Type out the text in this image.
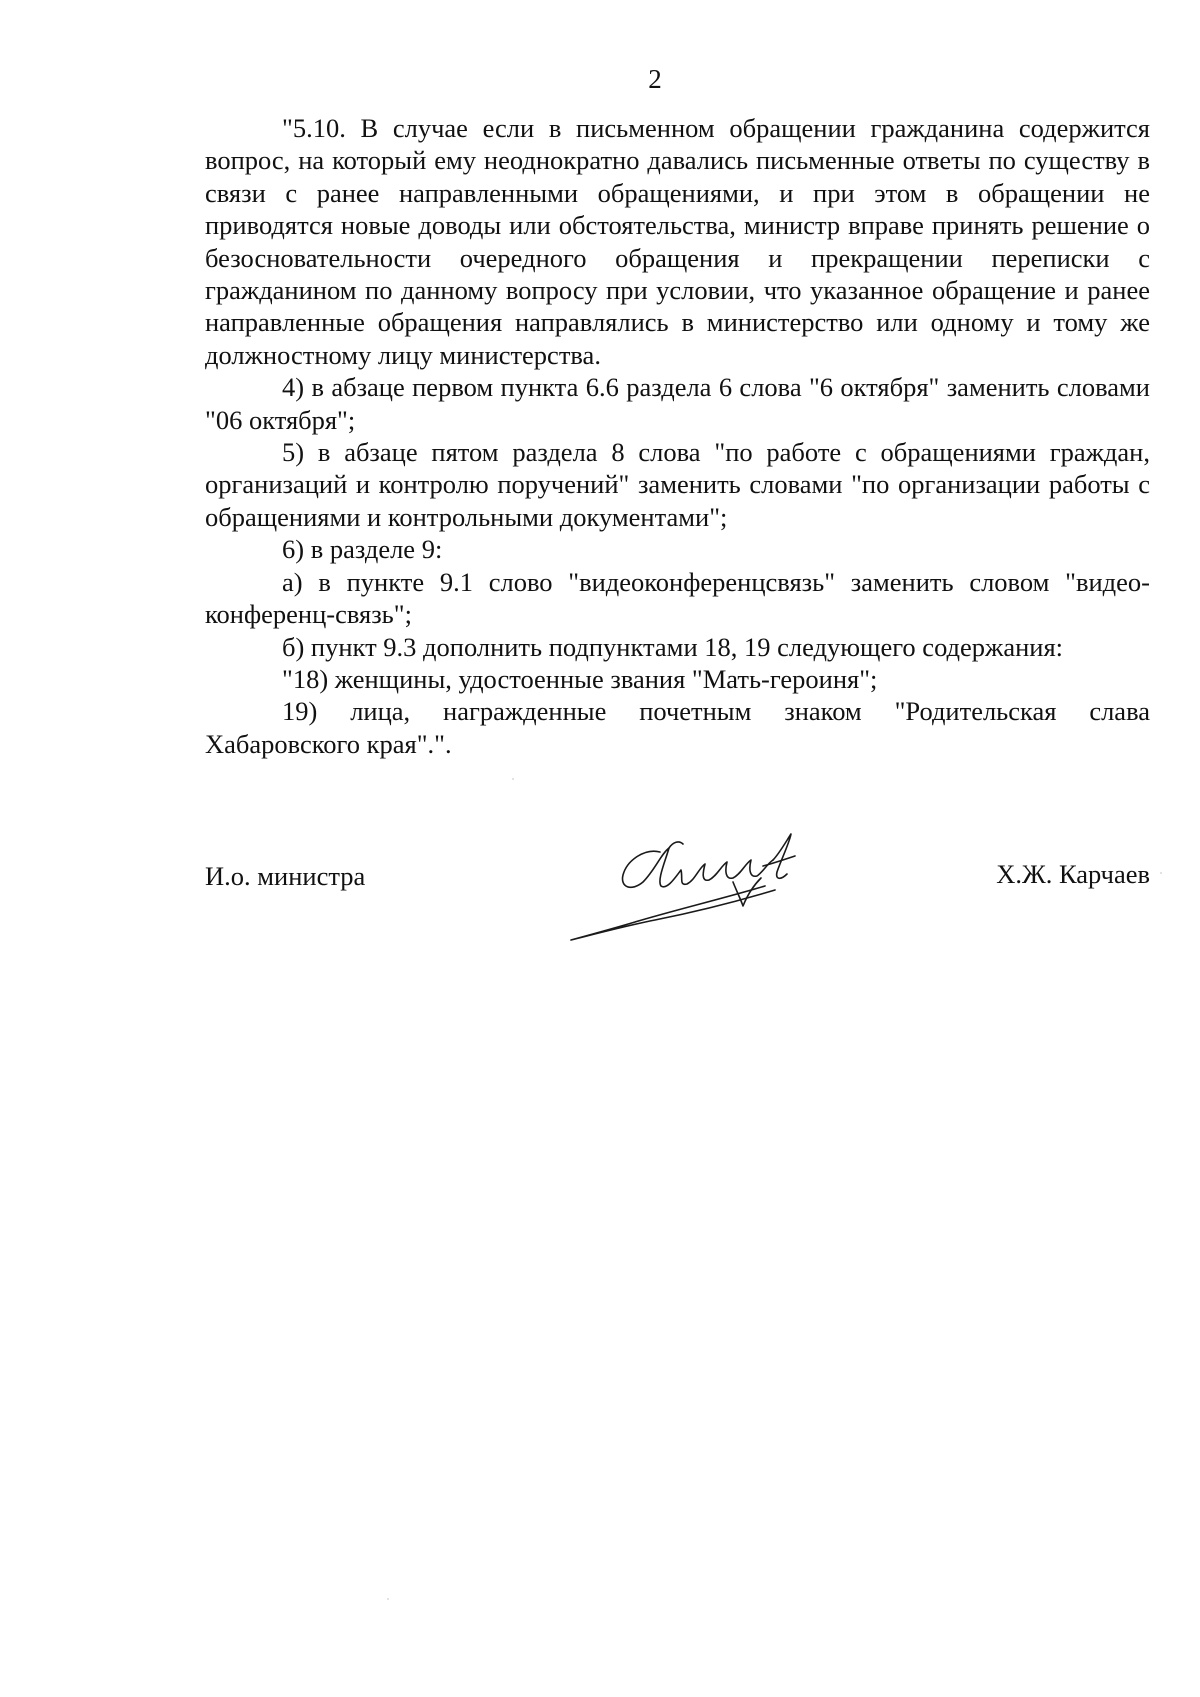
2

"5.10. В случае если в письменном обращении гражданина содержится вопрос, на который ему неоднократно давались письменные ответы по существу в связи с ранее направленными обращениями, и при этом в обращении не приводятся новые доводы или обстоятельства, министр вправе принять решение о безосновательности очередного обращения и прекращении переписки с гражданином по данному вопросу при условии, что указанное обращение и ранее направленные обращения направлялись в министерство или одному и тому же должностному лицу министерства.

4) в абзаце первом пункта 6.6 раздела 6 слова "6 октября" заменить словами "06 октября";

5) в абзаце пятом раздела 8 слова "по работе с обращениями граждан, организаций и контролю поручений" заменить словами "по организации работы с обращениями и контрольными документами";

6) в разделе 9:

а) в пункте 9.1 слово "видеоконференцсвязь" заменить словом "видео-конференц-связь";

б) пункт 9.3 дополнить подпунктами 18, 19 следующего содержания:

"18) женщины, удостоенные звания "Мать-героиня";

19) лица, награжденные почетным знаком "Родительская слава Хабаровского края".".

И.о. министра	Х.Ж. Карчаев
